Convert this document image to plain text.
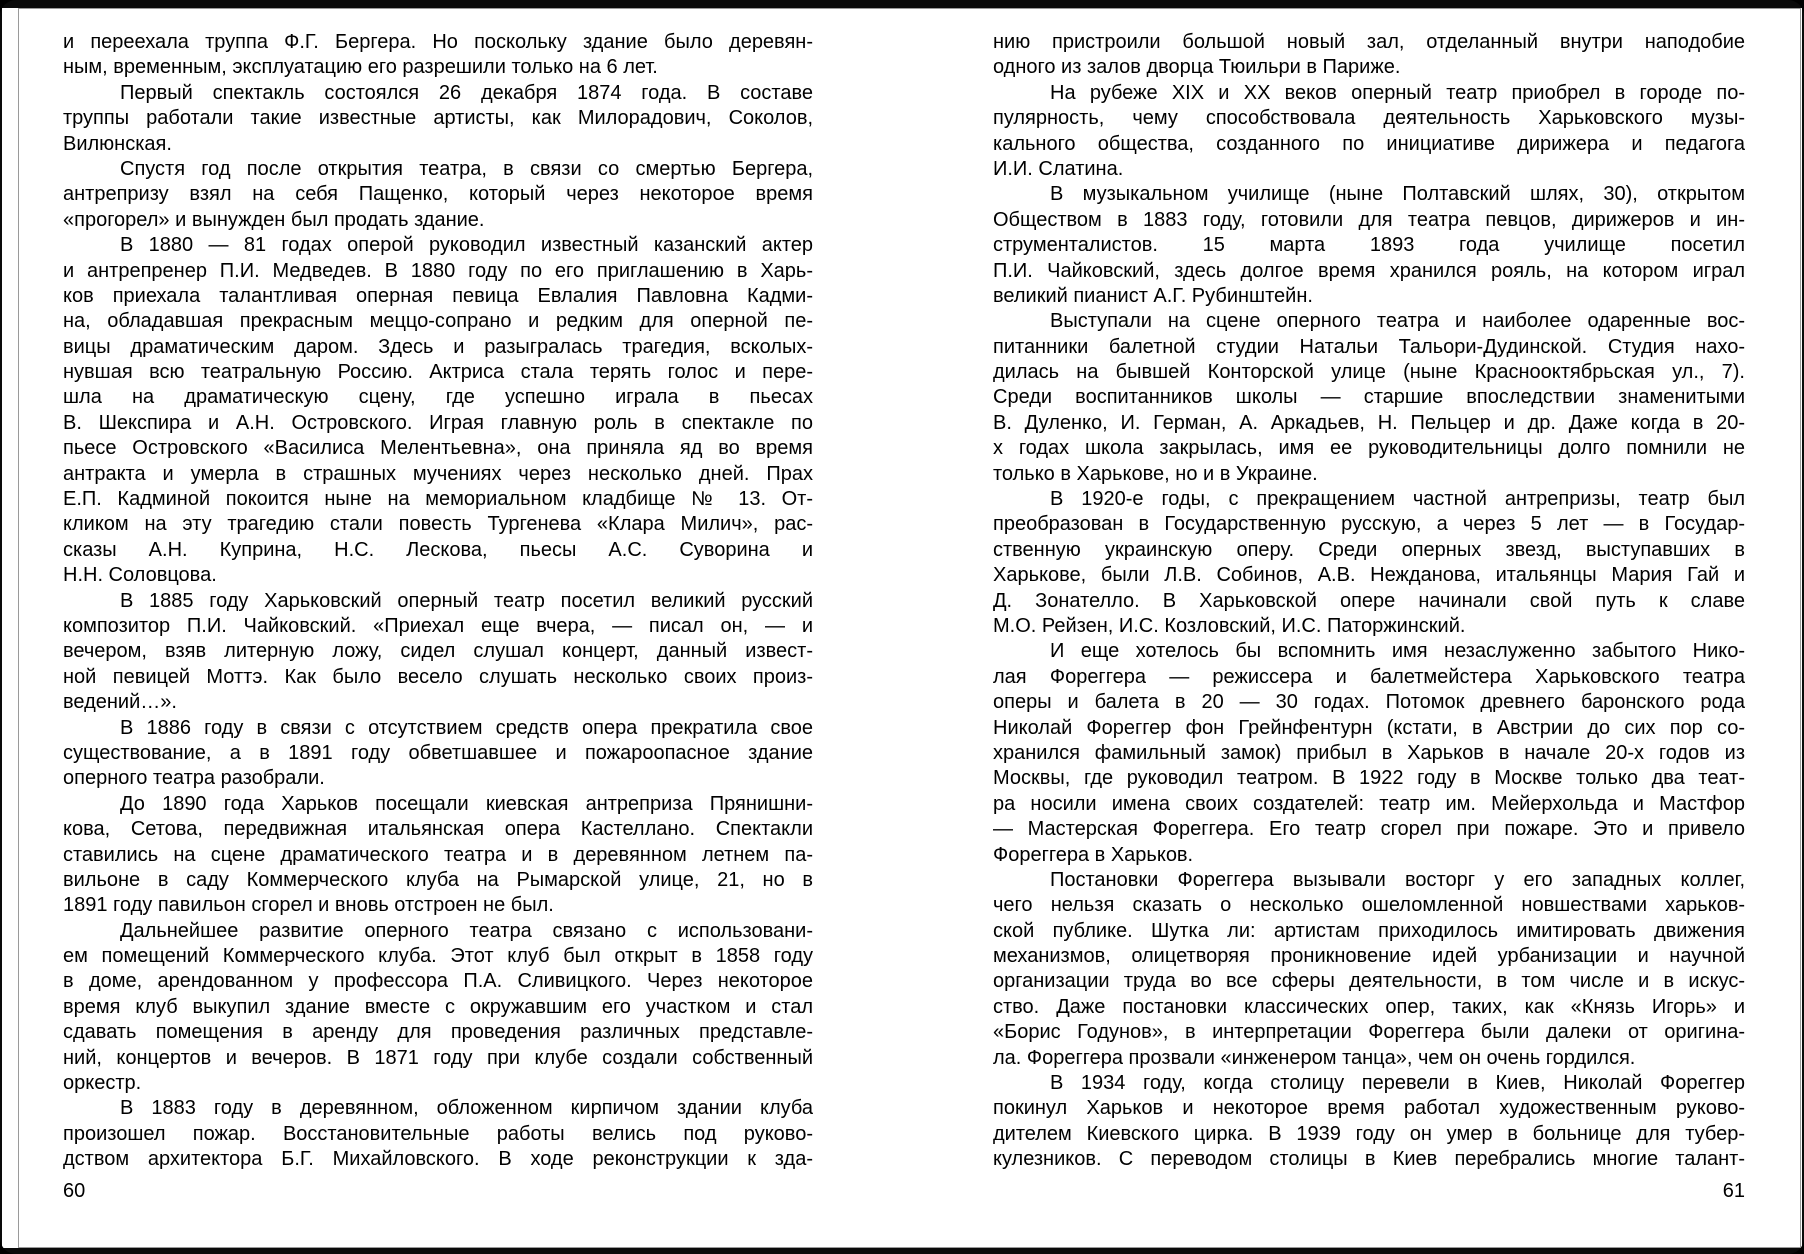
и переехала труппа Ф.Г. Бергера. Но поскольку здание было деревян-
ным, временным, эксплуатацию его разрешили только на 6 лет.
Первый спектакль состоялся 26 декабря 1874 года. В составе
труппы работали такие известные артисты, как Милорадович, Соколов,
Вилюнская.
Спустя год после открытия театра, в связи со смертью Бергера,
антрепризу взял на себя Пащенко, который через некоторое время
«прогорел» и вынужден был продать здание.
В 1880 — 81 годах оперой руководил известный казанский актер
и антрепренер П.И. Медведев. В 1880 году по его приглашению в Харь-
ков приехала талантливая оперная певица Евлалия Павловна Кадми-
на, обладавшая прекрасным меццо-сопрано и редким для оперной пе-
вицы драматическим даром. Здесь и разыгралась трагедия, всколых-
нувшая всю театральную Россию. Актриса стала терять голос и пере-
шла на драматическую сцену, где успешно играла в пьесах
В. Шекспира и А.Н. Островского. Играя главную роль в спектакле по
пьесе Островского «Василиса Мелентьевна», она приняла яд во время
антракта и умерла в страшных мучениях через несколько дней. Прах
Е.П. Кадминой покоится ныне на мемориальном кладбище № 13. От-
кликом на эту трагедию стали повесть Тургенева «Клара Милич», рас-
сказы А.Н. Куприна, Н.С. Лескова, пьесы А.С. Суворина и
Н.Н. Соловцова.
В 1885 году Харьковский оперный театр посетил великий русский
композитор П.И. Чайковский. «Приехал еще вчера, — писал он, — и
вечером, взяв литерную ложу, сидел слушал концерт, данный извест-
ной певицей Моттэ. Как было весело слушать несколько своих произ-
ведений…».
В 1886 году в связи с отсутствием средств опера прекратила свое
существование, а в 1891 году обветшавшее и пожароопасное здание
оперного театра разобрали.
До 1890 года Харьков посещали киевская антреприза Прянишни-
кова, Сетова, передвижная итальянская опера Кастеллано. Спектакли
ставились на сцене драматического театра и в деревянном летнем па-
вильоне в саду Коммерческого клуба на Рымарской улице, 21, но в
1891 году павильон сгорел и вновь отстроен не был.
Дальнейшее развитие оперного театра связано с использовани-
ем помещений Коммерческого клуба. Этот клуб был открыт в 1858 году
в доме, арендованном у профессора П.А. Сливицкого. Через некоторое
время клуб выкупил здание вместе с окружавшим его участком и стал
сдавать помещения в аренду для проведения различных представле-
ний, концертов и вечеров. В 1871 году при клубе создали собственный
оркестр.
В 1883 году в деревянном, обложенном кирпичом здании клуба
произошел пожар. Восстановительные работы велись под руково-
дством архитектора Б.Г. Михайловского. В ходе реконструкции к зда-
нию пристроили большой новый зал, отделанный внутри наподобие
одного из залов дворца Тюильри в Париже.
На рубеже XIX и XX веков оперный театр приобрел в городе по-
пулярность, чему способствовала деятельность Харьковского музы-
кального общества, созданного по инициативе дирижера и педагога
И.И. Слатина.
В музыкальном училище (ныне Полтавский шлях, 30), открытом
Обществом в 1883 году, готовили для театра певцов, дирижеров и ин-
струменталистов. 15 марта 1893 года училище посетил
П.И. Чайковский, здесь долгое время хранился рояль, на котором играл
великий пианист А.Г. Рубинштейн.
Выступали на сцене оперного театра и наиболее одаренные вос-
питанники балетной студии Натальи Тальори-Дудинской. Студия нахо-
дилась на бывшей Конторской улице (ныне Краснооктябрьская ул., 7).
Среди воспитанников школы — старшие впоследствии знаменитыми
В. Дуленко, И. Герман, А. Аркадьев, Н. Пельцер и др. Даже когда в 20-
х годах школа закрылась, имя ее руководительницы долго помнили не
только в Харькове, но и в Украине.
В 1920-е годы, с прекращением частной антрепризы, театр был
преобразован в Государственную русскую, а через 5 лет — в Государ-
ственную украинскую оперу. Среди оперных звезд, выступавших в
Харькове, были Л.В. Собинов, А.В. Нежданова, итальянцы Мария Гай и
Д. Зонателло. В Харьковской опере начинали свой путь к славе
М.О. Рейзен, И.С. Козловский, И.С. Паторжинский.
И еще хотелось бы вспомнить имя незаслуженно забытого Нико-
лая Фореггера — режиссера и балетмейстера Харьковского театра
оперы и балета в 20 — 30 годах. Потомок древнего баронского рода
Николай Фореггер фон Грейнфентурн (кстати, в Австрии до сих пор со-
хранился фамильный замок) прибыл в Харьков в начале 20-х годов из
Москвы, где руководил театром. В 1922 году в Москве только два теат-
ра носили имена своих создателей: театр им. Мейерхольда и Мастфор
— Мастерская Фореггера. Его театр сгорел при пожаре. Это и привело
Фореггера в Харьков.
Постановки Фореггера вызывали восторг у его западных коллег,
чего нельзя сказать о несколько ошеломленной новшествами харьков-
ской публике. Шутка ли: артистам приходилось имитировать движения
механизмов, олицетворяя проникновение идей урбанизации и научной
организации труда во все сферы деятельности, в том числе и в искус-
ство. Даже постановки классических опер, таких, как «Князь Игорь» и
«Борис Годунов», в интерпретации Фореггера были далеки от оригина-
ла. Фореггера прозвали «инженером танца», чем он очень гордился.
В 1934 году, когда столицу перевели в Киев, Николай Фореггер
покинул Харьков и некоторое время работал художественным руково-
дителем Киевского цирка. В 1939 году он умер в больнице для тубер-
кулезников. С переводом столицы в Киев перебрались многие талант-
60	61
